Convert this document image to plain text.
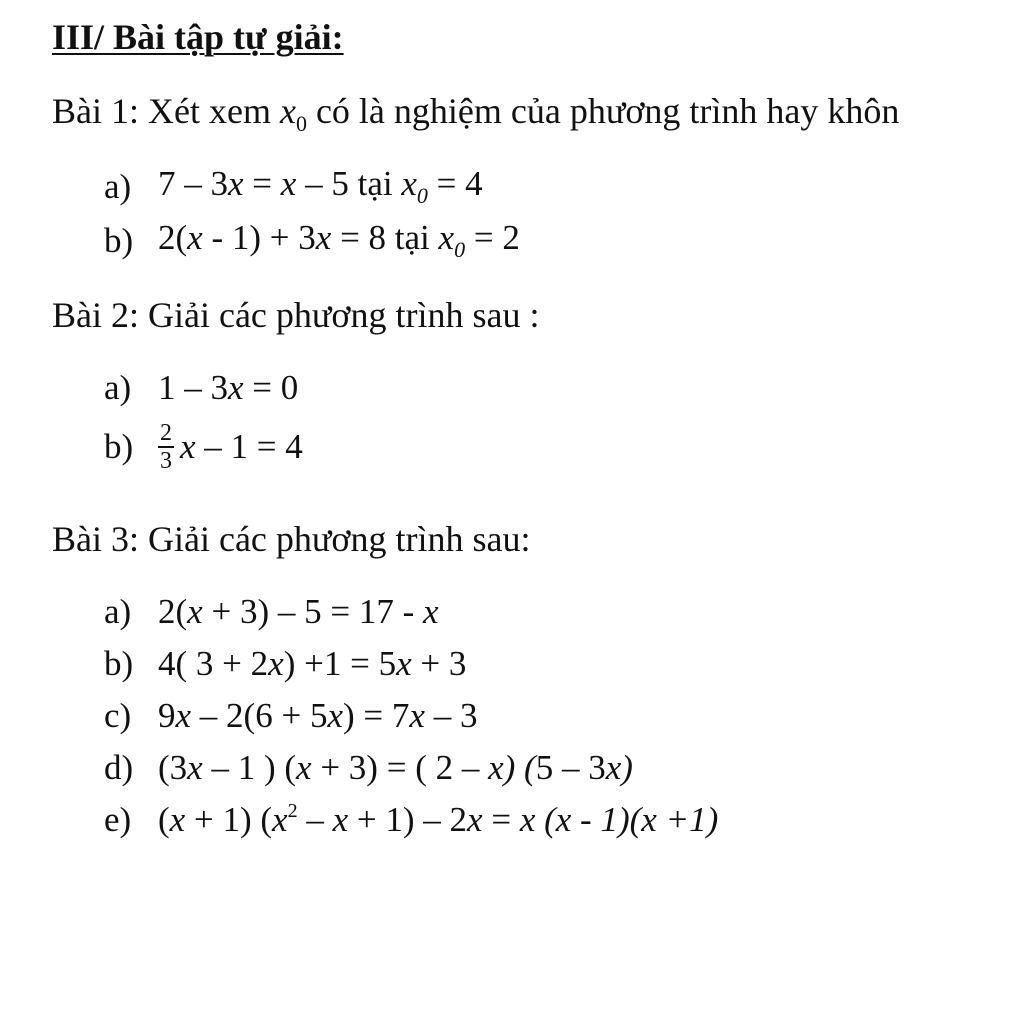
III/ Bài tập tự giải:
Bài 1: Xét xem $x_0$ có là nghiệm của phương trình hay khôn
a) 7 – 3x = x – 5 tại $x_0 = 4$
b) 2(x - 1) + 3x = 8 tại $x_0 = 2$
Bài 2: Giải các phương trình sau :
a) 1 – 3x = 0
b)	$\frac{2}{3}$ x – 1 = 4
Bài 3: Giải các phương trình sau:
a) 2(x + 3) – 5 = 17 - x
b) 4( 3 + 2x) +1 = 5x + 3
c) 9x – 2(6 + 5x) = 7x – 3
d) (3x – 1 ) (x + 3) = ( 2 – x) (5 – 3x)
e) (x + 1) $(x^2 - x + 1) - 2x = x$ (x - 1)(x +1)
